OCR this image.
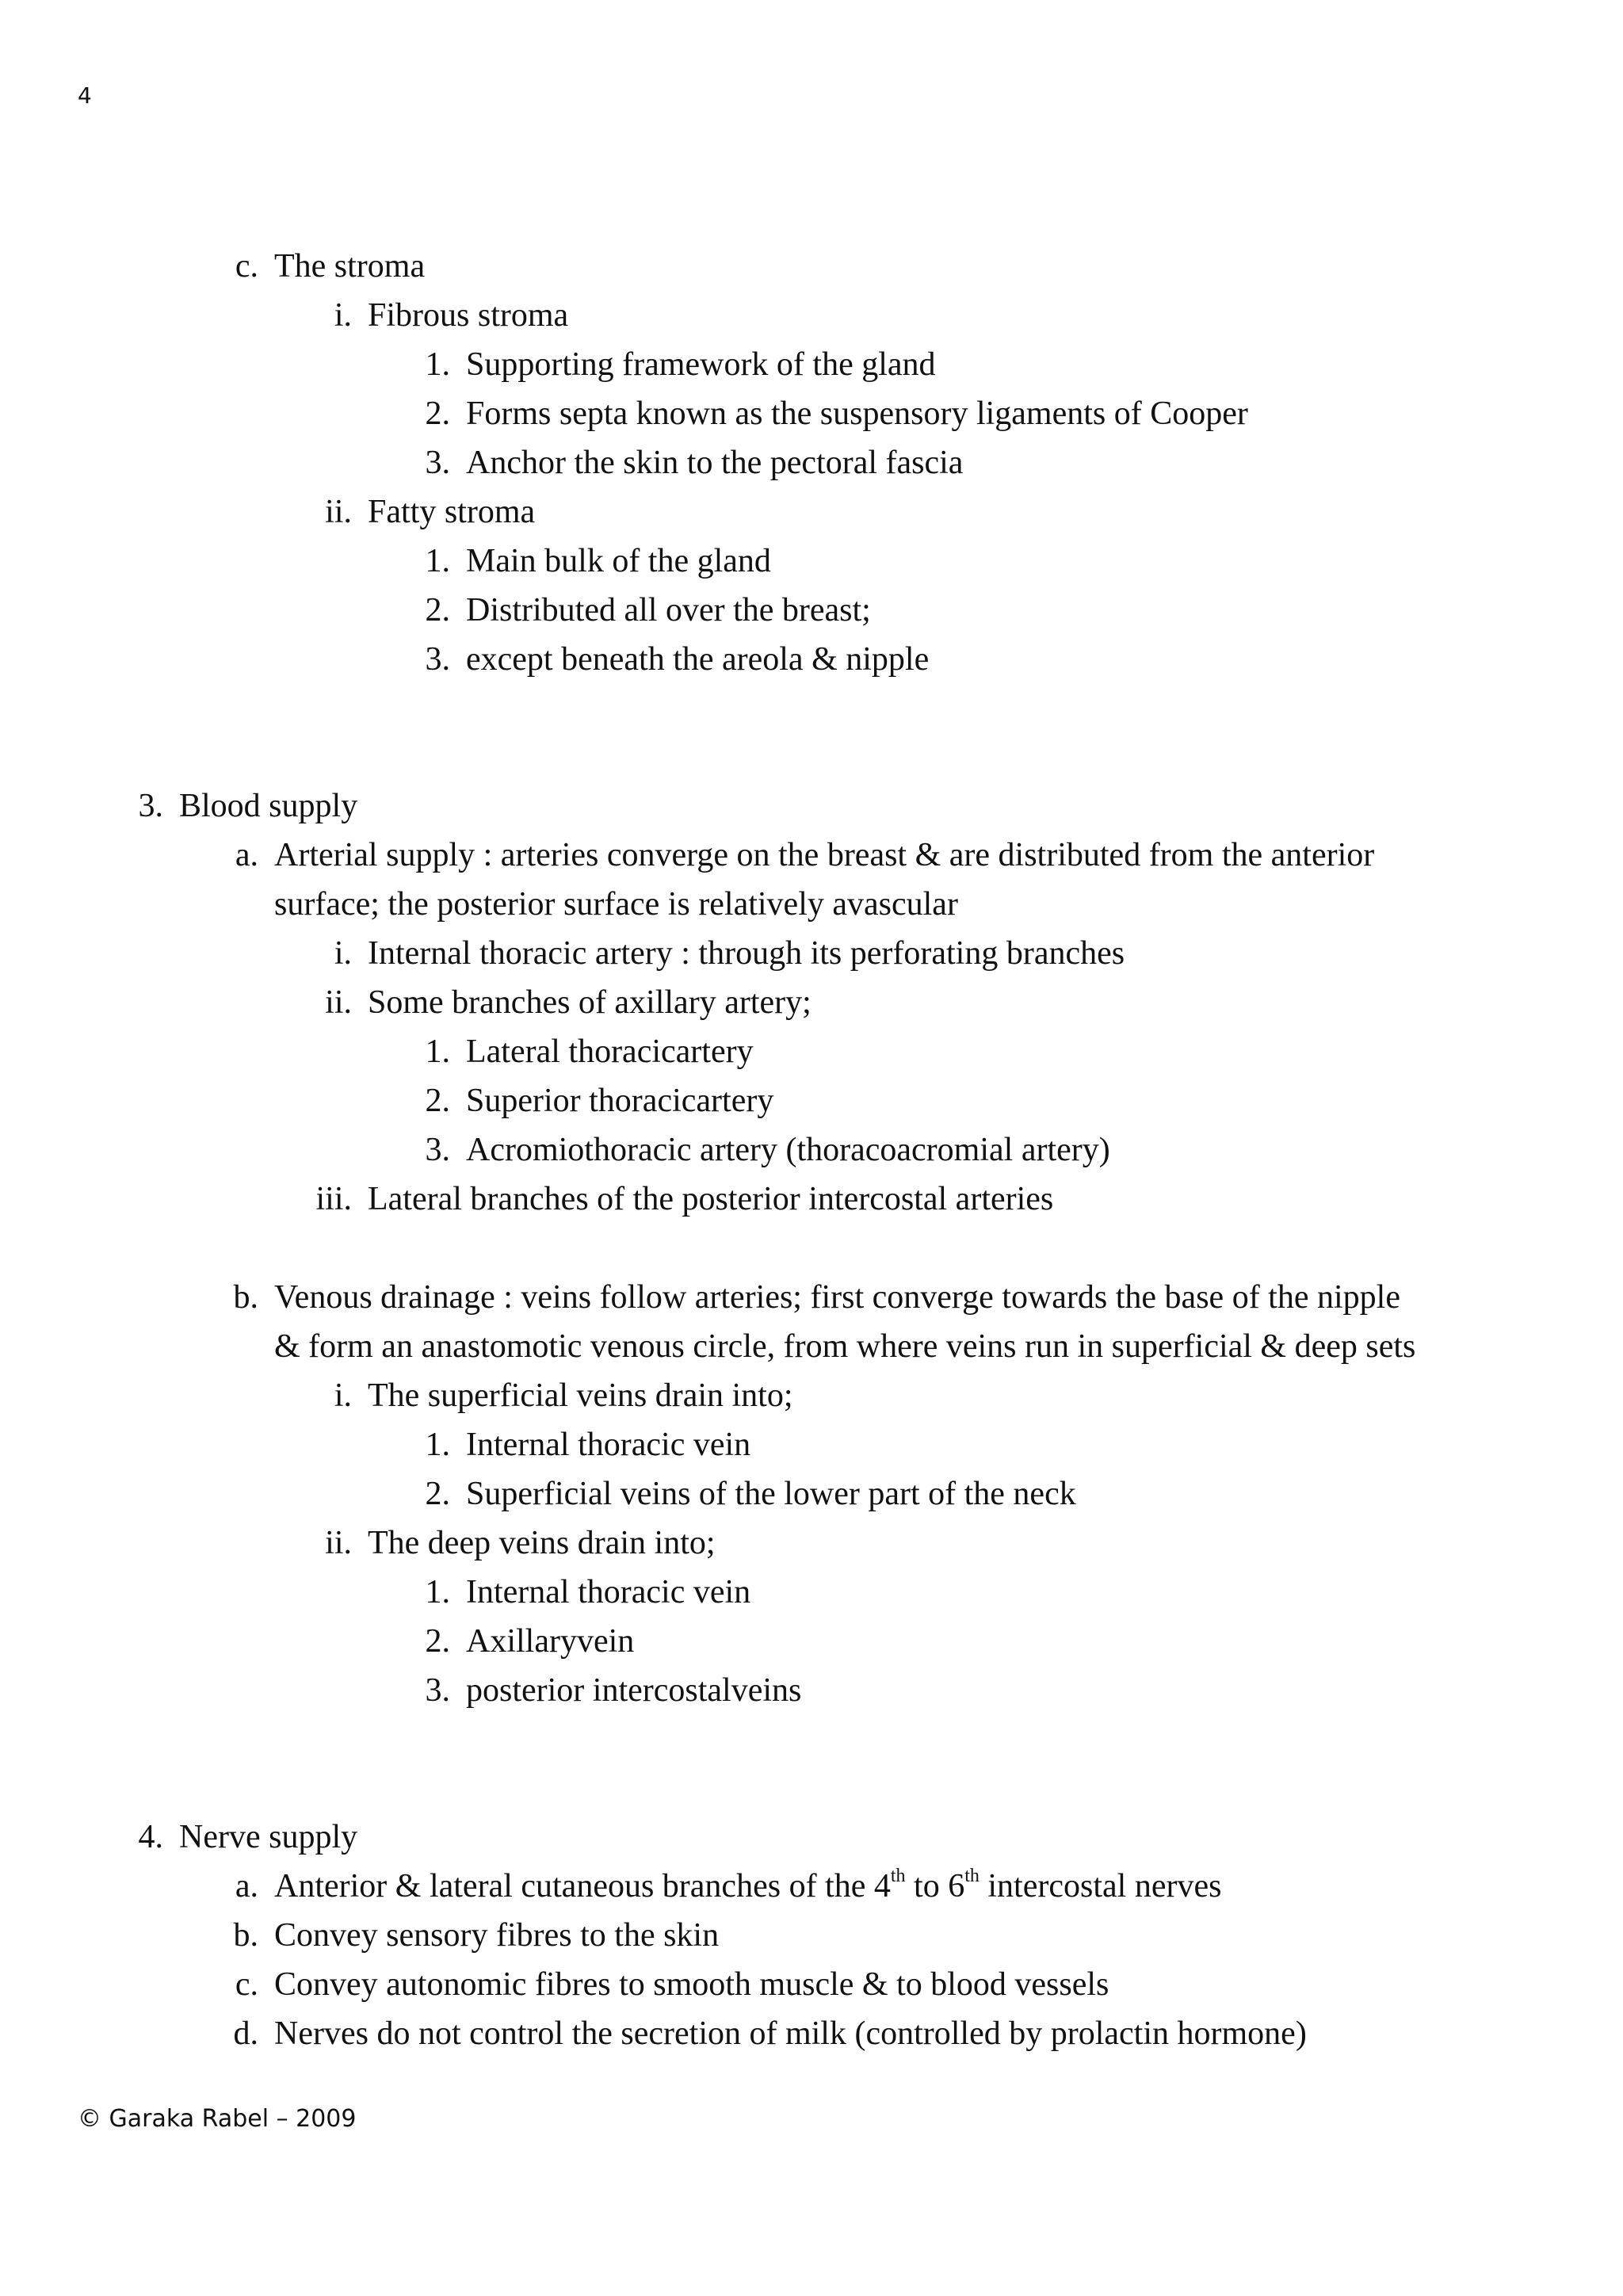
4
c. The stroma
i. Fibrous stroma
1. Supporting framework of the gland
2. Forms septa known as the suspensory ligaments of Cooper
3. Anchor the skin to the pectoral fascia
ii. Fatty stroma
1. Main bulk of the gland
2. Distributed all over the breast;
3. except beneath the areola & nipple
3. Blood supply
a. Arterial supply : arteries converge on the breast & are distributed from the anterior
surface; the posterior surface is relatively avascular
i. Internal thoracic artery : through its perforating branches
ii. Some branches of axillary artery;
1. Lateral thoracicartery
2. Superior thoracicartery
3. Acromiothoracic artery (thoracoacromial artery)
iii. Lateral branches of the posterior intercostal arteries
b. Venous drainage : veins follow arteries; first converge towards the base of the nipple
& form an anastomotic venous circle, from where veins run in superficial & deep sets
i. The superficial veins drain into;
1. Internal thoracic vein
2. Superficial veins of the lower part of the neck
ii. The deep veins drain into;
1. Internal thoracic vein
2. Axillaryvein
3. posterior intercostalveins
4. Nerve supply
a. Anterior & lateral cutaneous branches of the 4th to 6th intercostal nerves
b. Convey sensory fibres to the skin
c. Convey autonomic fibres to smooth muscle & to blood vessels
d. Nerves do not control the secretion of milk (controlled by prolactin hormone)
© Garaka Rabel – 2009
